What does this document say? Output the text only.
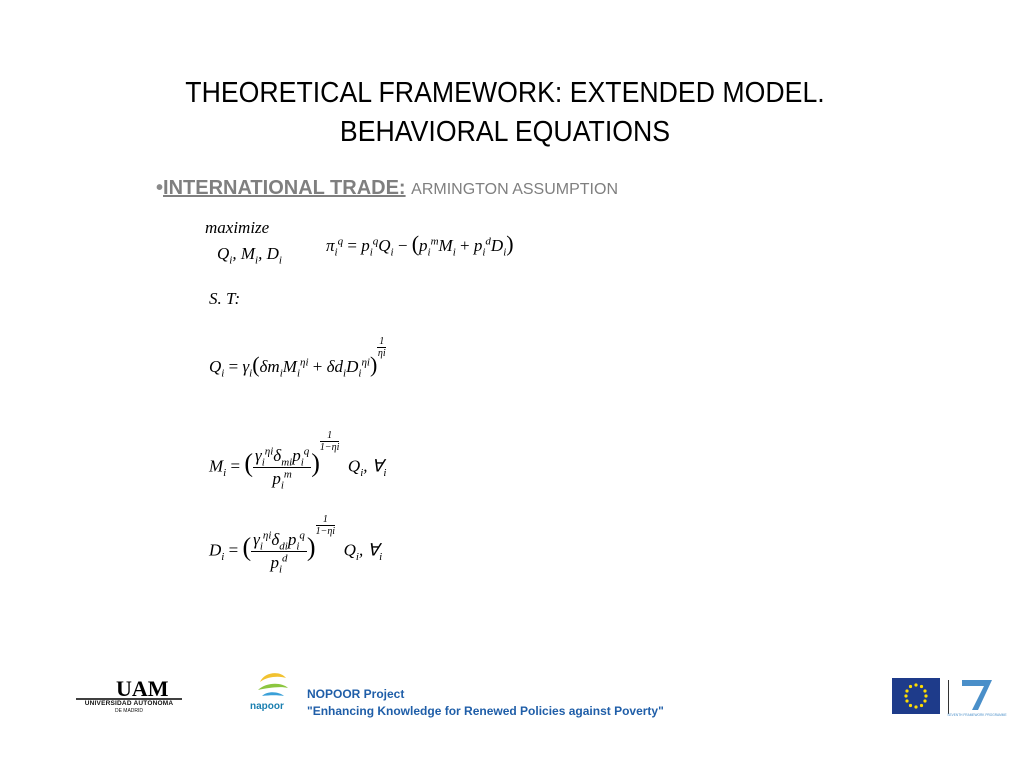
THEORETICAL FRAMEWORK: EXTENDED MODEL.
BEHAVIORAL EQUATIONS
•INTERNATIONAL TRADE: ARMINGTON ASSUMPTION
maximize
$Q_i$, $M_i$, $D_i$
$\pi_i^q = p_i^qQ_i - (p_i^mM_i + p_i^dD_i)$
S. T:
$Q_i = \gamma_i(\delta m_iM_i^{\eta i} + \delta d_iD_i^{\eta i})$
$\frac{1}{\eta i}$
$M_i$ = ( $\frac{\gamma_i^{\eta i}\delta_{mi}p_i^q}{p_i^m}$ )
$\frac{1}{1-\eta i} Q_i$, $\forall_i$
$D_i$ = ( $\frac{\gamma_i^{\eta i}\delta_{di}p_i^q}{p_i^d}$ )
$\frac{1}{1-\eta i} Q_i$, $\forall_i$
UAM
UNIVERSIDAD AUTONOMA
DE MADRID	napoor
NOPOOR Project
"Enhancing Knowledge for Renewed Policies against Poverty"	SEVENTH FRAMEWORK PROGRAMME
